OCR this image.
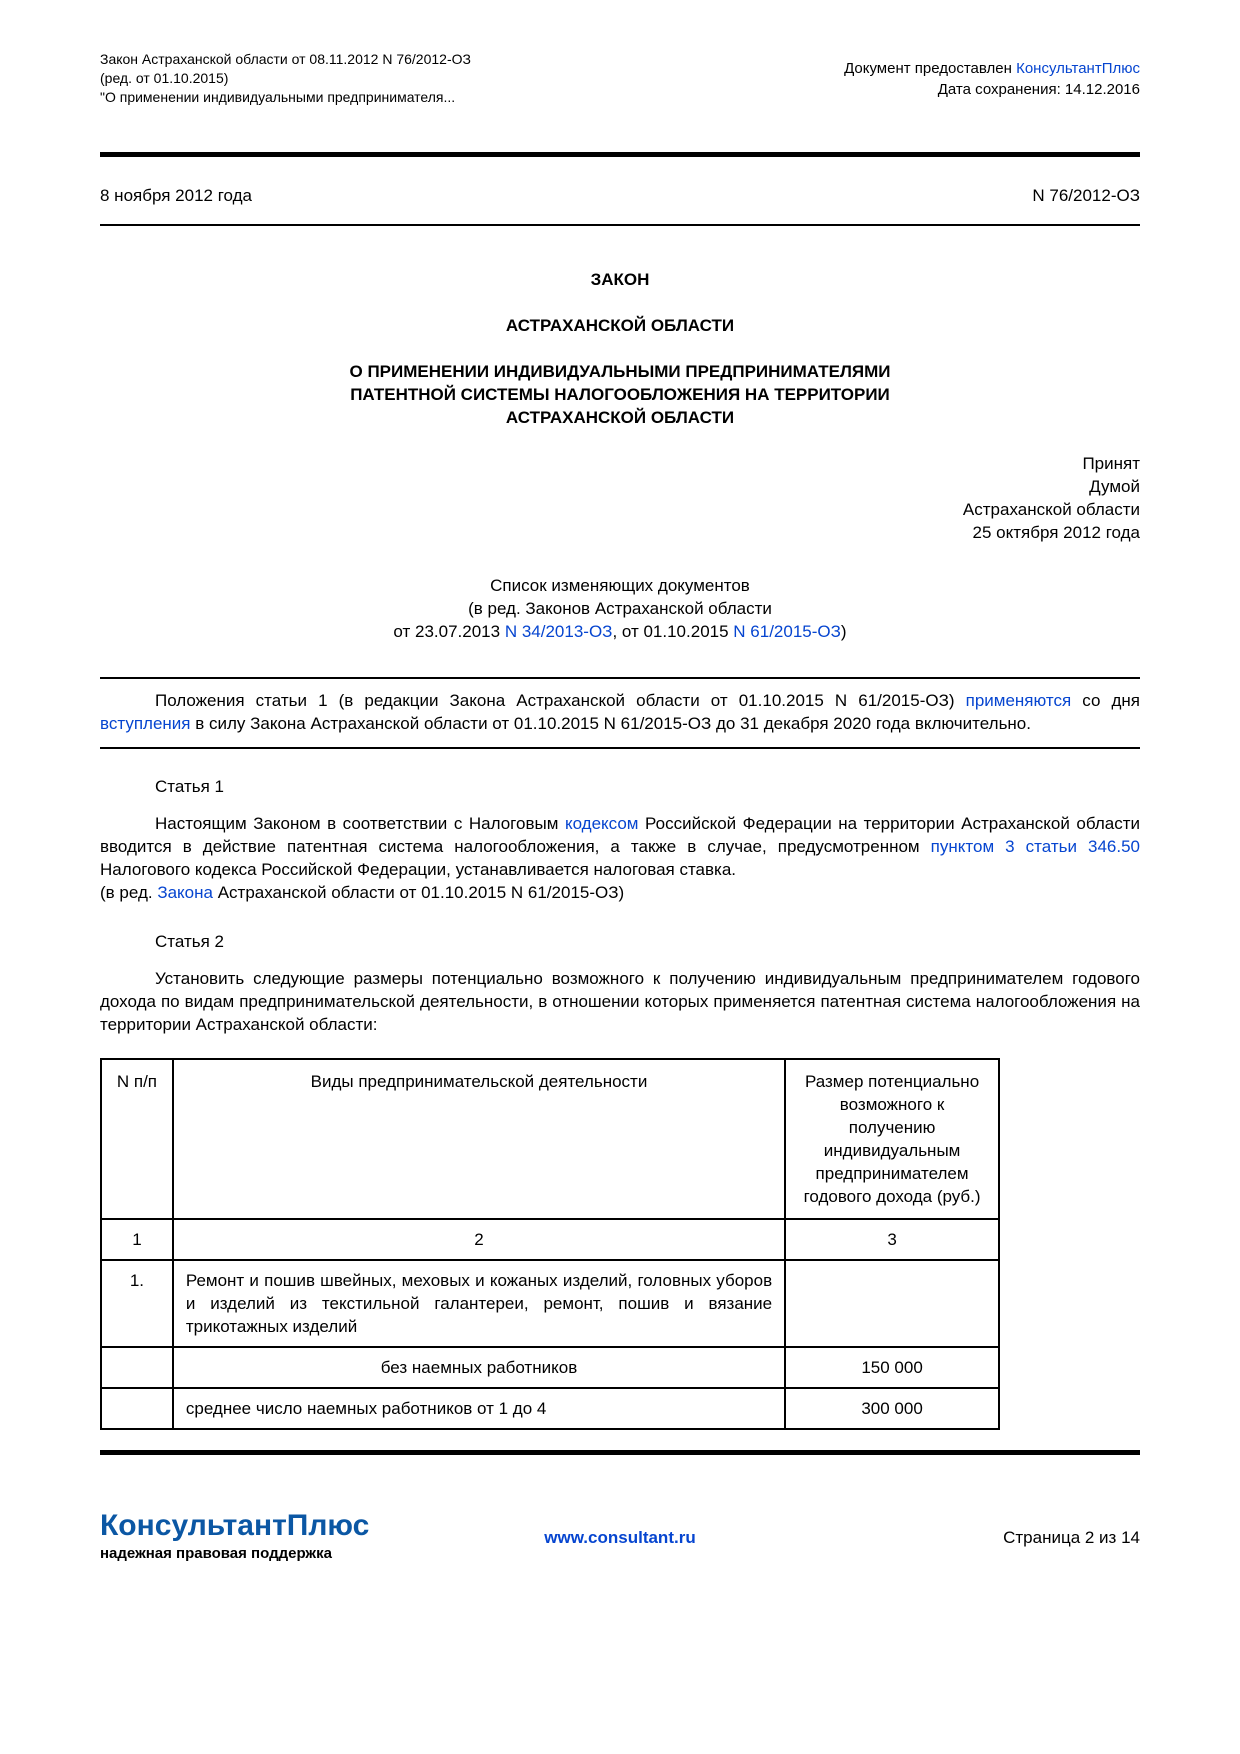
Закон Астраханской области от 08.11.2012 N 76/2012-ОЗ
(ред. от 01.10.2015)
"О применении индивидуальными предпринимателя...
Документ предоставлен КонсультантПлюс
Дата сохранения: 14.12.2016
8 ноября 2012 года	N 76/2012-ОЗ

ЗАКОН

АСТРАХАНСКОЙ ОБЛАСТИ

О ПРИМЕНЕНИИ ИНДИВИДУАЛЬНЫМИ ПРЕДПРИНИМАТЕЛЯМИ
ПАТЕНТНОЙ СИСТЕМЫ НАЛОГООБЛОЖЕНИЯ НА ТЕРРИТОРИИ
АСТРАХАНСКОЙ ОБЛАСТИ
Принят
Думой
Астраханской области
25 октября 2012 года
Список изменяющих документов
(в ред. Законов Астраханской области
от 23.07.2013 N 34/2013-ОЗ, от 01.10.2015 N 61/2015-ОЗ)

Положения статьи 1 (в редакции Закона Астраханской области от 01.10.2015 N 61/2015-ОЗ) применяются со дня вступления в силу Закона Астраханской области от 01.10.2015 N 61/2015-ОЗ до 31 декабря 2020 года включительно.

Статья 1

Настоящим Законом в соответствии с Налоговым кодексом Российской Федерации на территории Астраханской области вводится в действие патентная система налогообложения, а также в случае, предусмотренном пунктом 3 статьи 346.50 Налогового кодекса Российской Федерации, устанавливается налоговая ставка.

(в ред. Закона Астраханской области от 01.10.2015 N 61/2015-ОЗ)

Статья 2

Установить следующие размеры потенциально возможного к получению индивидуальным предпринимателем годового дохода по видам предпринимательской деятельности, в отношении которых применяется патентная система налогообложения на территории Астраханской области:

N п/п	Виды предпринимательской деятельности	Размер потенциально возможного к получению индивидуальным предпринимателем годового дохода (руб.)
1	2	3
1.	Ремонт и пошив швейных, меховых и кожаных изделий, головных уборов и изделий из текстильной галантереи, ремонт, пошив и вязание трикотажных изделий	
	без наемных работников	150 000
	среднее число наемных работников от 1 до 4	300 000
КонсультантПлюс
надежная правовая поддержка
www.consultant.ru	Страница 2 из 14
